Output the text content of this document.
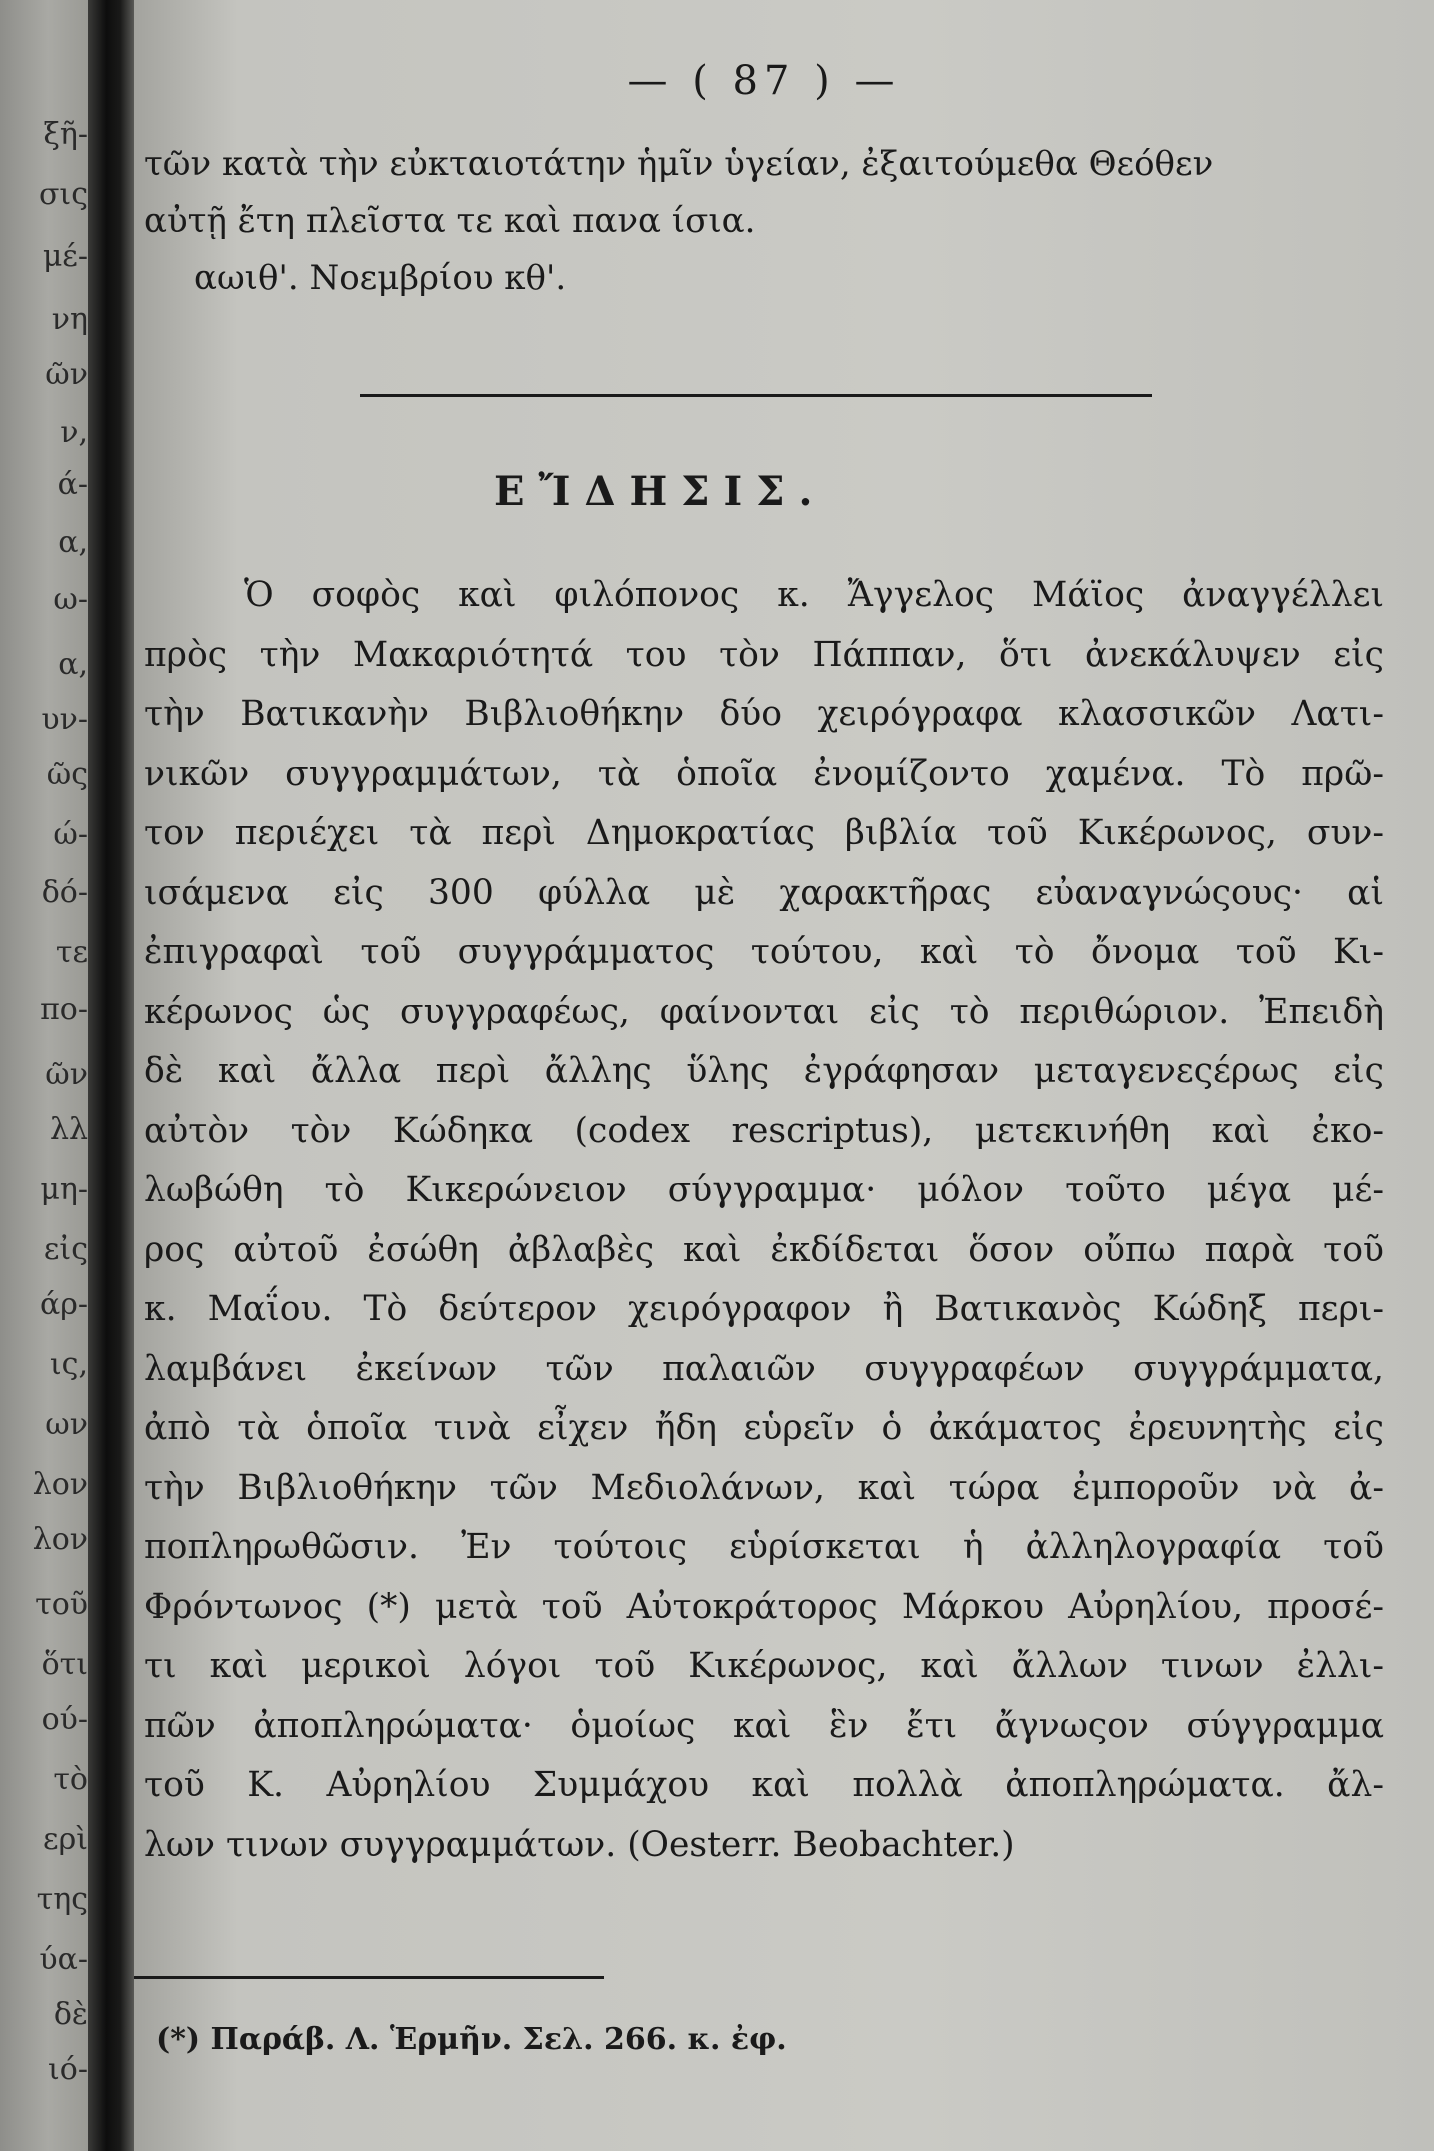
ξῆ-
σις
μέ-
νη
ῶν
ν,
ά-
α,
ω-
α,
υν-
ῶς
ώ-
δό-
τε
πο-
ῶν
λλ
μη-
εἰς
άρ-
ις,
ων
λον
λον
τοῦ
ὅτι
ού-
τὸ
ερὶ
της
ύα-
δὲ
ιό-
— ( 87 ) —
τῶν κατὰ τὴν εὐκταιοτάτην ἡμῖν ὑγείαν, ἐξαιτούμεθα Θεόθεν
αὐτῇ ἔτη πλεῖστα τε καὶ πανα ίσια.
αωιθ'. Νοεμβρίου κθ'.
ΕἼΔΗΣΙΣ.
Ὁ σοφὸς καὶ φιλόπονος κ. Ἄγγελος Μάϊος ἀναγγέλλει
πρὸς τὴν Μακαριότητά του τὸν Πάππαν, ὅτι ἀνεκάλυψεν εἰς
τὴν Βατικανὴν Βιβλιοθήκην δύο χειρόγραφα κλασσικῶν Λατι-
νικῶν συγγραμμάτων, τὰ ὁποῖα ἐνομίζοντο χαμένα. Τὸ πρῶ-
τον περιέχει τὰ περὶ Δημοκρατίας βιβλία τοῦ Κικέρωνος, συν-
ισάμενα εἰς 300 φύλλα μὲ χαρακτῆρας εὐαναγνώςους· αἱ
ἐπιγραφαὶ τοῦ συγγράμματος τούτου, καὶ τὸ ὄνομα τοῦ Κι-
κέρωνος ὡς συγγραφέως, φαίνονται εἰς τὸ περιθώριον. Ἐπειδὴ
δὲ καὶ ἄλλα περὶ ἄλλης ὕλης ἐγράφησαν μεταγενεςέρως εἰς
αὐτὸν τὸν Κώδηκα (codex rescriptus), μετεκινήθη καὶ ἐκο-
λωβώθη τὸ Κικερώνειον σύγγραμμα· μόλον τοῦτο μέγα μέ-
ρος αὐτοῦ ἐσώθη ἀβλαβὲς καὶ ἐκδίδεται ὅσον οὔπω παρὰ τοῦ
κ. Μαΐου. Τὸ δεύτερον χειρόγραφον ἢ Βατικανὸς Κώδηξ περι-
λαμβάνει ἐκείνων τῶν παλαιῶν συγγραφέων συγγράμματα,
ἀπὸ τὰ ὁποῖα τινὰ εἶχεν ἤδη εὑρεῖν ὁ ἀκάματος ἐρευνητὴς εἰς
τὴν Βιβλιοθήκην τῶν Μεδιολάνων, καὶ τώρα ἐμποροῦν νὰ ἀ-
ποπληρωθῶσιν. Ἐν τούτοις εὑρίσκεται ἡ ἀλληλογραφία τοῦ
Φρόντωνος (*) μετὰ τοῦ Αὐτοκράτορος Μάρκου Αὐρηλίου, προσέ-
τι καὶ μερικοὶ λόγοι τοῦ Κικέρωνος, καὶ ἄλλων τινων ἐλλι-
πῶν ἀποπληρώματα· ὁμοίως καὶ ἓν ἔτι ἄγνωςον σύγγραμμα
τοῦ Κ. Αὐρηλίου Συμμάχου καὶ πολλὰ ἀποπληρώματα. ἄλ-
λων τινων συγγραμμάτων. (Oesterr. Beobachter.)
(*) Παράβ. Λ. Ἑρμῆν. Σελ. 266. κ. ἐφ.
